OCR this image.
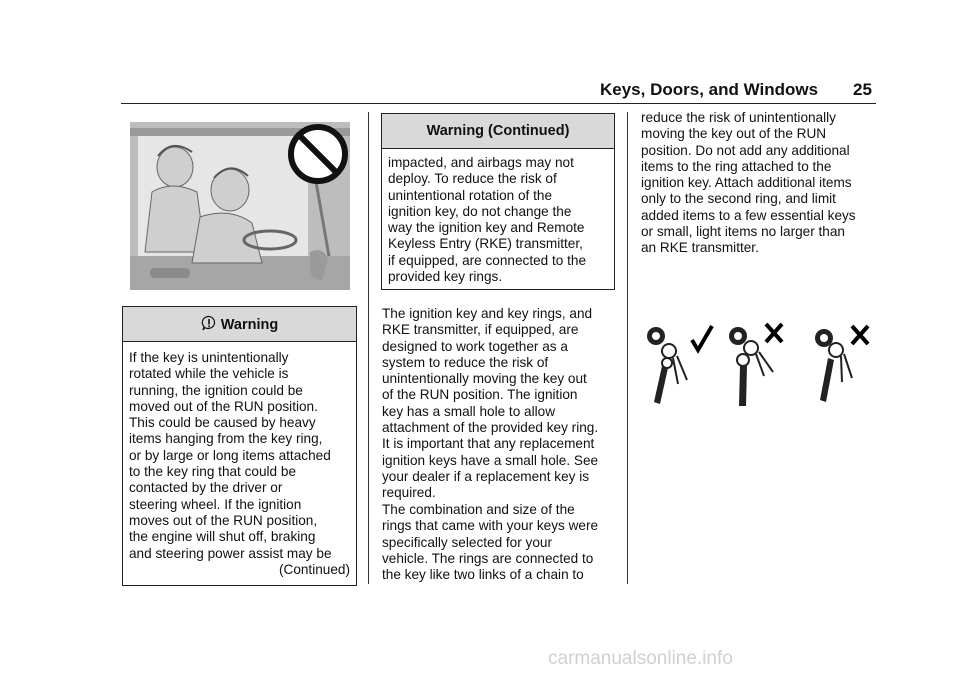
Keys, Doors, and Windows 25
Warning

If the key is unintentionally

rotated while the vehicle is

running, the ignition could be

moved out of the RUN position.

This could be caused by heavy

items hanging from the key ring,

or by large or long items attached

to the key ring that could be

contacted by the driver or

steering wheel. If the ignition

moves out of the RUN position,

the engine will shut off, braking

and steering power assist may be

(Continued)
Warning (Continued)

impacted, and airbags may not

deploy. To reduce the risk of

unintentional rotation of the

ignition key, do not change the

way the ignition key and Remote

Keyless Entry (RKE) transmitter,

if equipped, are connected to the

provided key rings.

The ignition key and key rings, and

RKE transmitter, if equipped, are

designed to work together as a

system to reduce the risk of

unintentionally moving the key out

of the RUN position. The ignition

key has a small hole to allow

attachment of the provided key ring.

It is important that any replacement

ignition keys have a small hole. See

your dealer if a replacement key is

required.

The combination and size of the

rings that came with your keys were

specifically selected for your

vehicle. The rings are connected to

the key like two links of a chain to

reduce the risk of unintentionally

moving the key out of the RUN

position. Do not add any additional

items to the ring attached to the

ignition key. Attach additional items

only to the second ring, and limit

added items to a few essential keys

or small, light items no larger than

an RKE transmitter.

carmanualsonline.info
